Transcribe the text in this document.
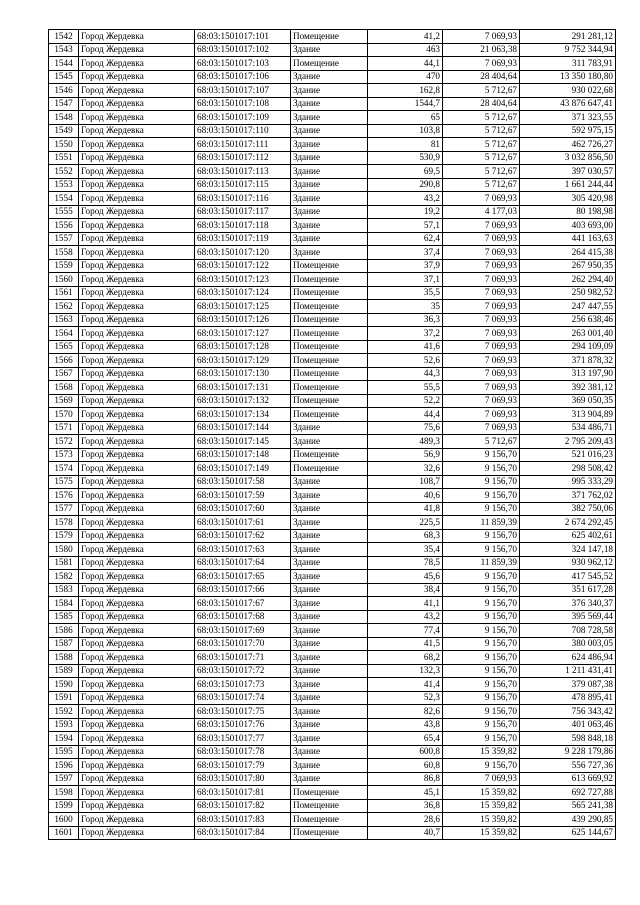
1542	Город Жердевка	68:03:1501017:101	Помещение	41,2	7 069,93	291 281,12
1543	Город Жердевка	68:03:1501017:102	Здание	463	21 063,38	9 752 344,94
1544	Город Жердевка	68:03:1501017:103	Помещение	44,1	7 069,93	311 783,91
1545	Город Жердевка	68:03:1501017:106	Здание	470	28 404,64	13 350 180,80
1546	Город Жердевка	68:03:1501017:107	Здание	162,8	5 712,67	930 022,68
1547	Город Жердевка	68:03:1501017:108	Здание	1544,7	28 404,64	43 876 647,41
1548	Город Жердевка	68:03:1501017:109	Здание	65	5 712,67	371 323,55
1549	Город Жердевка	68:03:1501017:110	Здание	103,8	5 712,67	592 975,15
1550	Город Жердевка	68:03:1501017:111	Здание	81	5 712,67	462 726,27
1551	Город Жердевка	68:03:1501017:112	Здание	530,9	5 712,67	3 032 856,50
1552	Город Жердевка	68:03:1501017:113	Здание	69,5	5 712,67	397 030,57
1553	Город Жердевка	68:03:1501017:115	Здание	290,8	5 712,67	1 661 244,44
1554	Город Жердевка	68:03:1501017:116	Здание	43,2	7 069,93	305 420,98
1555	Город Жердевка	68:03:1501017:117	Здание	19,2	4 177,03	80 198,98
1556	Город Жердевка	68:03:1501017:118	Здание	57,1	7 069,93	403 693,00
1557	Город Жердевка	68:03:1501017:119	Здание	62,4	7 069,93	441 163,63
1558	Город Жердевка	68:03:1501017:120	Здание	37,4	7 069,93	264 415,38
1559	Город Жердевка	68:03:1501017:122	Помещение	37,9	7 069,93	267 950,35
1560	Город Жердевка	68:03:1501017:123	Помещение	37,1	7 069,93	262 294,40
1561	Город Жердевка	68:03:1501017:124	Помещение	35,5	7 069,93	250 982,52
1562	Город Жердевка	68:03:1501017:125	Помещение	35	7 069,93	247 447,55
1563	Город Жердевка	68:03:1501017:126	Помещение	36,3	7 069,93	256 638,46
1564	Город Жердевка	68:03:1501017:127	Помещение	37,2	7 069,93	263 001,40
1565	Город Жердевка	68:03:1501017:128	Помещение	41,6	7 069,93	294 109,09
1566	Город Жердевка	68:03:1501017:129	Помещение	52,6	7 069,93	371 878,32
1567	Город Жердевка	68:03:1501017:130	Помещение	44,3	7 069,93	313 197,90
1568	Город Жердевка	68:03:1501017:131	Помещение	55,5	7 069,93	392 381,12
1569	Город Жердевка	68:03:1501017:132	Помещение	52,2	7 069,93	369 050,35
1570	Город Жердевка	68:03:1501017:134	Помещение	44,4	7 069,93	313 904,89
1571	Город Жердевка	68:03:1501017:144	Здание	75,6	7 069,93	534 486,71
1572	Город Жердевка	68:03:1501017:145	Здание	489,3	5 712,67	2 795 209,43
1573	Город Жердевка	68:03:1501017:148	Помещение	56,9	9 156,70	521 016,23
1574	Город Жердевка	68:03:1501017:149	Помещение	32,6	9 156,70	298 508,42
1575	Город Жердевка	68:03:1501017:58	Здание	108,7	9 156,70	995 333,29
1576	Город Жердевка	68:03:1501017:59	Здание	40,6	9 156,70	371 762,02
1577	Город Жердевка	68:03:1501017:60	Здание	41,8	9 156,70	382 750,06
1578	Город Жердевка	68:03:1501017:61	Здание	225,5	11 859,39	2 674 292,45
1579	Город Жердевка	68:03:1501017:62	Здание	68,3	9 156,70	625 402,61
1580	Город Жердевка	68:03:1501017:63	Здание	35,4	9 156,70	324 147,18
1581	Город Жердевка	68:03:1501017:64	Здание	78,5	11 859,39	930 962,12
1582	Город Жердевка	68:03:1501017:65	Здание	45,6	9 156,70	417 545,52
1583	Город Жердевка	68:03:1501017:66	Здание	38,4	9 156,70	351 617,28
1584	Город Жердевка	68:03:1501017:67	Здание	41,1	9 156,70	376 340,37
1585	Город Жердевка	68:03:1501017:68	Здание	43,2	9 156,70	395 569,44
1586	Город Жердевка	68:03:1501017:69	Здание	77,4	9 156,70	708 728,58
1587	Город Жердевка	68:03:1501017:70	Здание	41,5	9 156,70	380 003,05
1588	Город Жердевка	68:03:1501017:71	Здание	68,2	9 156,70	624 486,94
1589	Город Жердевка	68:03:1501017:72	Здание	132,3	9 156,70	1 211 431,41
1590	Город Жердевка	68:03:1501017:73	Здание	41,4	9 156,70	379 087,38
1591	Город Жердевка	68:03:1501017:74	Здание	52,3	9 156,70	478 895,41
1592	Город Жердевка	68:03:1501017:75	Здание	82,6	9 156,70	756 343,42
1593	Город Жердевка	68:03:1501017:76	Здание	43,8	9 156,70	401 063,46
1594	Город Жердевка	68:03:1501017:77	Здание	65,4	9 156,70	598 848,18
1595	Город Жердевка	68:03:1501017:78	Здание	600,8	15 359,82	9 228 179,86
1596	Город Жердевка	68:03:1501017:79	Здание	60,8	9 156,70	556 727,36
1597	Город Жердевка	68:03:1501017:80	Здание	86,8	7 069,93	613 669,92
1598	Город Жердевка	68:03:1501017:81	Помещение	45,1	15 359,82	692 727,88
1599	Город Жердевка	68:03:1501017:82	Помещение	36,8	15 359,82	565 241,38
1600	Город Жердевка	68:03:1501017:83	Помещение	28,6	15 359,82	439 290,85
1601	Город Жердевка	68:03:1501017:84	Помещение	40,7	15 359,82	625 144,67
